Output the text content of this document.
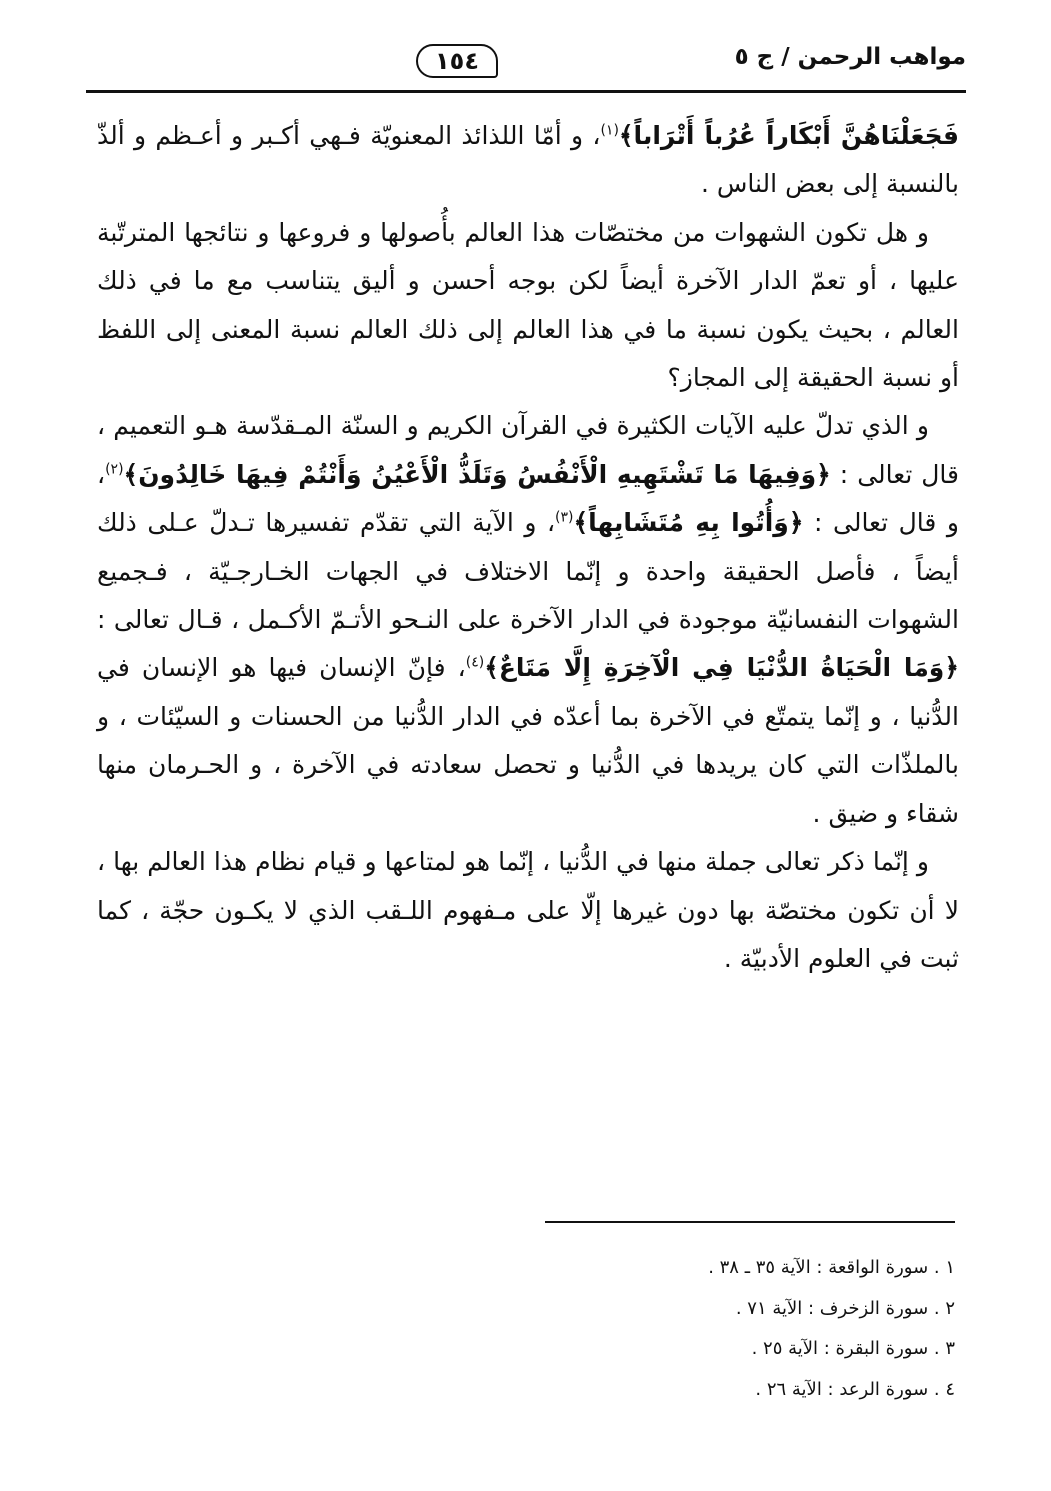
مواهب الرحمن / ج ٥
١٥٤

فَجَعَلْنَاهُنَّ أَبْكَاراً عُرُباً أَتْرَاباً﴾$^{(١)}$، و أمّا اللذائذ المعنويّة فـهي أكـبر و أعـظم و ألذّ بالنسبة إلى بعض الناس .

و هل تكون الشهوات من مختصّات هذا العالم بأُصولها و فروعها و نتائجها المترتّبة عليها ، أو تعمّ الدار الآخرة أيضاً لكن بوجه أحسن و أليق يتناسب مع ما في ذلك العالم ، بحيث يكون نسبة ما في هذا العالم إلى ذلك العالم نسبة المعنى إلى اللفظ أو نسبة الحقيقة إلى المجاز؟

و الذي تدلّ عليه الآيات الكثيرة في القرآن الكريم و السنّة المـقدّسة هـو التعميم ، قال تعالى : ﴿وَفِيهَا مَا تَشْتَهِيهِ الْأَنْفُسُ وَتَلَذُّ الْأَعْيُنُ وَأَنْتُمْ فِيهَا خَالِدُونَ﴾$^{(٢)}$، و قال تعالى : ﴿وَأُتُوا بِهِ مُتَشَابِهاً﴾$^{(٣)}$، و الآية التي تقدّم تفسيرها تـدلّ عـلى ذلك أيضاً ، فأصل الحقيقة واحدة و إنّما الاختلاف في الجهات الخـارجـيّة ، فـجميع الشهوات النفسانيّة موجودة في الدار الآخرة على النـحو الأتـمّ الأكـمل ، قـال تعالى : ﴿وَمَا الْحَيَاةُ الدُّنْيَا فِي الْآخِرَةِ إِلَّا مَتَاعٌ﴾$^{(٤)}$، فإنّ الإنسان فيها هو الإنسان في الدُّنيا ، و إنّما يتمتّع في الآخرة بما أعدّه في الدار الدُّنيا من الحسنات و السيّئات ، و بالملذّات التي كان يريدها في الدُّنيا و تحصل سعادته في الآخرة ، و الحـرمان منها شقاء و ضيق .

و إنّما ذكر تعالى جملة منها في الدُّنيا ، إنّما هو لمتاعها و قيام نظام هذا العالم بها ، لا أن تكون مختصّة بها دون غيرها إلّا على مـفهوم اللـقب الذي لا يكـون حجّة ، كما ثبت في العلوم الأدبيّة .

١ . سورة الواقعة : الآية ٣٥ ـ ٣٨ .

٢ . سورة الزخرف : الآية ٧١ .

٣ . سورة البقرة : الآية ٢٥ .

٤ . سورة الرعد : الآية ٢٦ .
